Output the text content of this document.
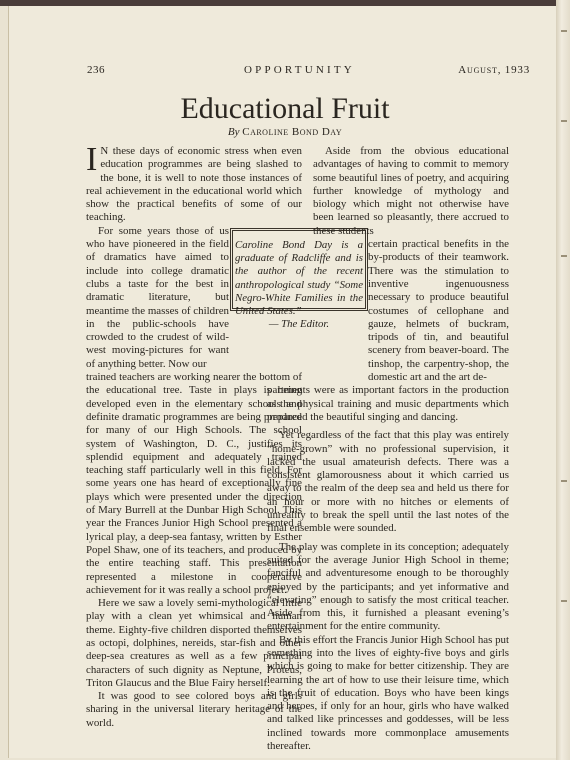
236	OPPORTUNITY	August, 1933
Educational Fruit
By Caroline Bond Day

I N these days of economic stress when even education programmes are being slashed to the bone, it is well to note those instances of real achievement in the educational world which show the practical benefits of some of our teaching.

For some years those of us who have pioneered in the field of dramatics have aimed to include into college dramatic clubs a taste for the best in dramatic literature, but meantime the masses of children in the public-schools have crowded to the crudest of wild-west moving-pictures for want of anything better. Now our

trained teachers are working nearer the bottom of the educational tree. Taste in plays is being developed even in the elementary schools and definite dramatic programmes are being prepared for many of our High Schools. The school system of Washington, D. C., justifies its splendid equipment and adequately trained teaching staff particularly well in this field. For some years one has heard of exceptionally fine plays which were presented under the direction of Mary Burrell at the Dunbar High School. This year the Frances Junior High School presented a lyrical play, a deep-sea fantasy, written by Esther Popel Shaw, one of its teachers, and produced by the entire teaching staff. This presentation represented a milestone in cooperative achievement for it was really a school project.

Here we saw a lovely semi-mythological little play with a clean yet whimsical and human theme. Eighty-five children disported themselves as octopi, dolphines, nereids, star-fish and other deep-sea creatures as well as a few principal characters of such dignity as Neptune, Proteus, Triton Glaucus and the Blue Fairy herself.

It was good to see colored boys and girls sharing in the universal literary heritage of the world.

Caroline Bond Day is a graduate of Radcliffe and is the author of the recent anthropological study “Some Negro-White Families in the United States.”
— The Editor.

Aside from the obvious educational advantages of having to commit to memory some beautiful lines of poetry, and acquiring further knowledge of mythology and biology which might not otherwise have been learned so pleasantly, there accrued to these students

certain practical benefits in the by-products of their teamwork. There was the stimulation to inventive ingenuousness necessary to produce beautiful costumes of cellophane and gauze, helmets of buckram, tripods of tin, and beautiful scenery from beaver-board. The tinshop, the carpentry-shop, the domestic art and the art de-

partments were as important factors in the production as the physical training and music departments which produced the beautiful singing and dancing.

Yet regardless of the fact that this play was entirely “home-grown” with no professional supervision, it lacked the usual amateurish defects. There was a consistent glamorousness about it which carried us away to the realm of the deep sea and held us there for an hour or more with no hitches or elements of unreality to break the spell until the last notes of the final ensemble were sounded.

The play was complete in its conception; adequately suited for the average Junior High School in theme; fanciful and adventuresome enough to be thoroughly enjoyed by the participants; and yet informative and “elevating” enough to satisfy the most critical teacher. Aside from this, it furnished a pleasant evening’s entertainment for the entire community.

By this effort the Francis Junior High School has put something into the lives of eighty-five boys and girls which is going to make for better citizenship. They are learning the art of how to use their leisure time, which is the fruit of education. Boys who have been kings and heroes, if only for an hour, girls who have walked and talked like princesses and goddesses, will be less inclined towards more commonplace amusements thereafter.
